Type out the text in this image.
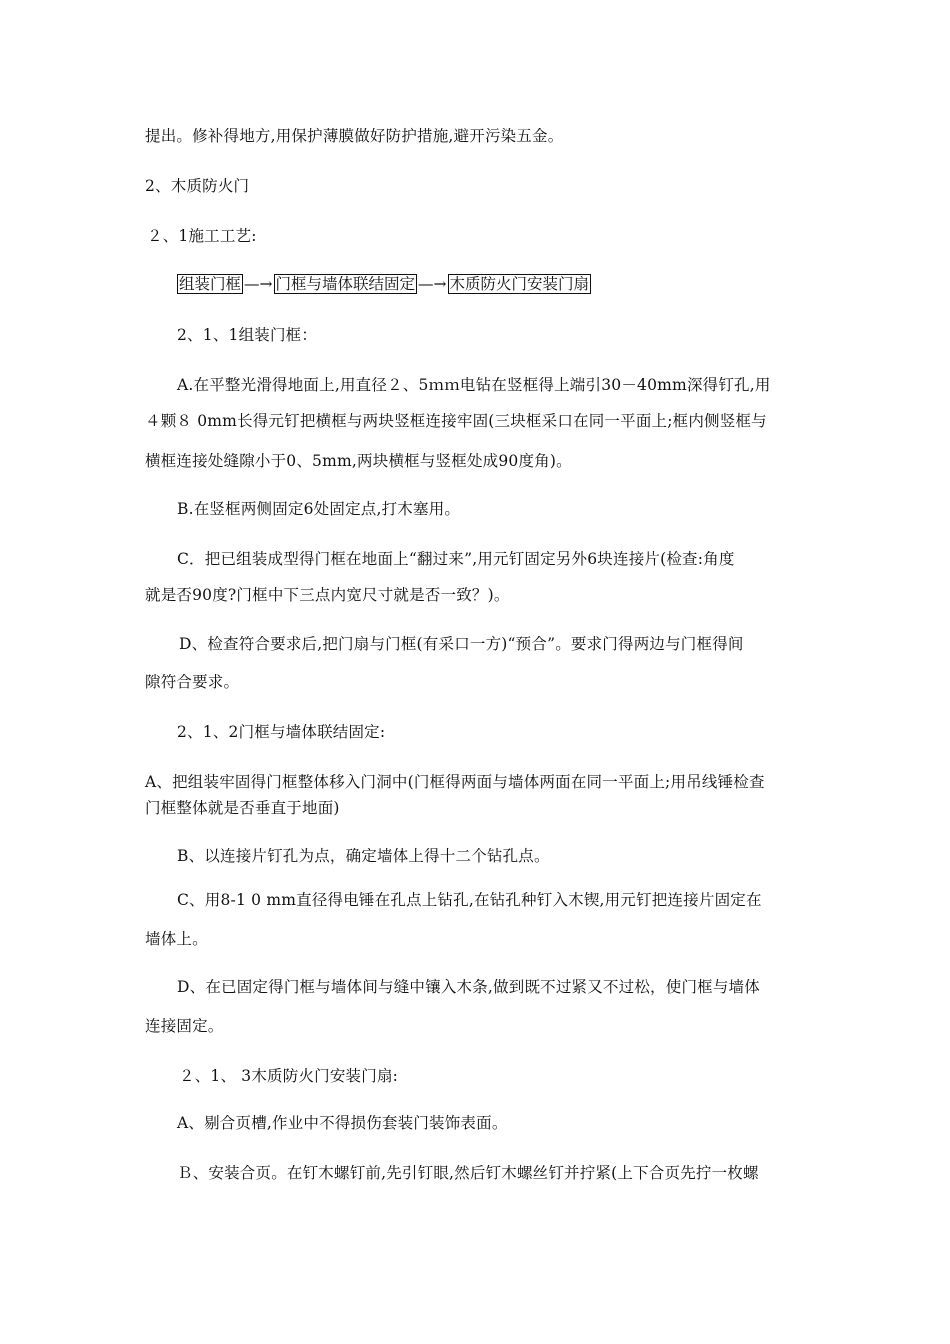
提出。修补得地方,用保护薄膜做好防护措施,避开污染五金。
2、木质防火门
２、1施工工艺:
组装门框 —→ 门框与墙体联结固定 —→ 木质防火门安装门扇
2、1、1组装门框：
A.在平整光滑得地面上,用直径２、5ｍｍ电钻在竖框得上端引30－40mm深得钉孔,用
４颗８ 0mm长得元钉把横框与两块竖框连接牢固(三块框采口在同一平面上;框内侧竖框与
横框连接处缝隙小于0、5mm,两块横框与竖框处成90度角)。
B.在竖框两侧固定6处固定点,打木塞用。
C．把已组装成型得门框在地面上“翻过来”,用元钉固定另外6块连接片(检查:角度
就是否90度?门框中下三点内宽尺寸就是否一致？)。
D、检查符合要求后,把门扇与门框(有采口一方)“预合”。要求门得两边与门框得间
隙符合要求。
2、1、2门框与墙体联结固定:
A、把组装牢固得门框整体移入门洞中(门框得两面与墙体两面在同一平面上;用吊线锤检查
门框整体就是否垂直于地面)
B、以连接片钉孔为点，确定墙体上得十二个钻孔点。
C、用8-1 0 mm直径得电锤在孔点上钻孔,在钻孔种钉入木锲,用元钉把连接片固定在
墙体上。
D、在已固定得门框与墙体间与缝中镶入木条,做到既不过紧又不过松，使门框与墙体
连接固定。
２、1、 3木质防火门安装门扇:
A、剔合页槽,作业中不得损伤套装门装饰表面。
Ｂ、安装合页。在钉木螺钉前,先引钉眼,然后钉木螺丝钉并拧紧(上下合页先拧一枚螺
